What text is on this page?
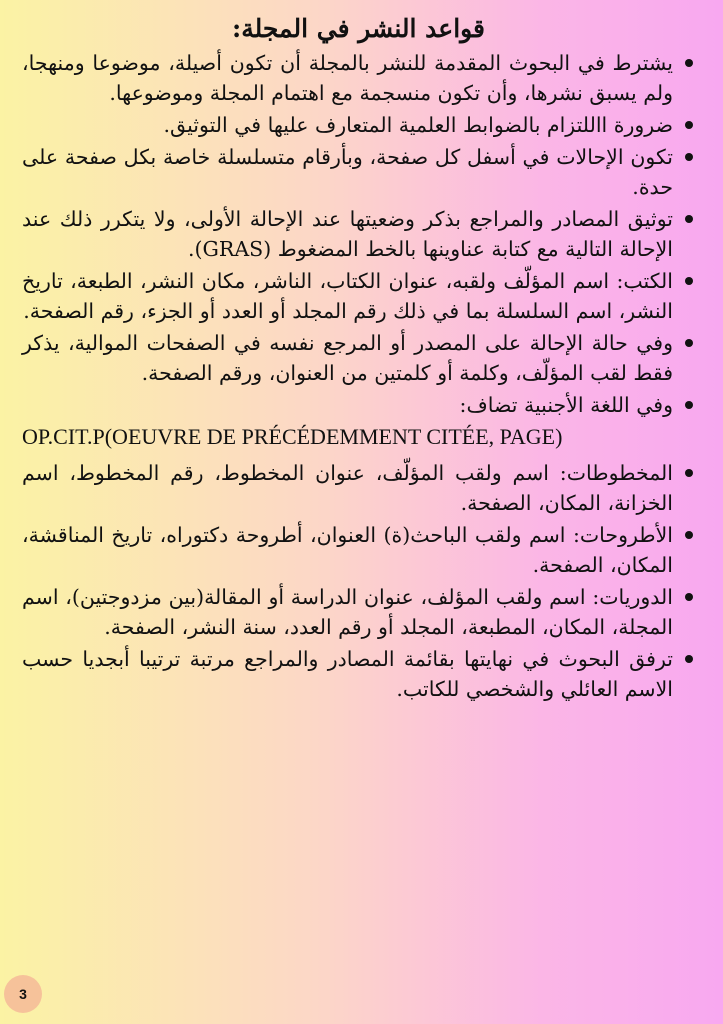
قواعد النشر في المجلة:
يشترط في البحوث المقدمة للنشر بالمجلة أن تكون أصيلة، موضوعا ومنهجا، ولم يسبق نشرها، وأن تكون منسجمة مع اهتمام المجلة وموضوعها.
ضرورة االلتزام بالضوابط العلمية المتعارف عليها في التوثيق.
تكون الإحالات في أسفل كل صفحة، وبأرقام متسلسلة خاصة بكل صفحة على حدة.
توثيق المصادر والمراجع بذكر وضعيتها عند الإحالة الأولى، ولا يتكرر ذلك عند الإحالة التالية مع كتابة عناوينها بالخط المضغوط (GRAS).
الكتب: اسم المؤلّف ولقبه، عنوان الكتاب، الناشر، مكان النشر، الطبعة، تاريخ النشر، اسم السلسلة بما في ذلك رقم المجلد أو العدد أو الجزء، رقم الصفحة.
وفي حالة الإحالة على المصدر أو المرجع نفسه في الصفحات الموالية، يذكر فقط لقب المؤلّف، وكلمة أو كلمتين من العنوان، ورقم الصفحة.
وفي اللغة الأجنبية تضاف:

OP.CIT.P(OEUVRE DE PRÉCÉDEMMENT CITÉE, PAGE)

المخطوطات: اسم ولقب المؤلّف، عنوان المخطوط، رقم المخطوط، اسم الخزانة، المكان، الصفحة.
الأطروحات: اسم ولقب الباحث(ة) العنوان، أطروحة دكتوراه، تاريخ المناقشة، المكان، الصفحة.
الدوريات: اسم ولقب المؤلف، عنوان الدراسة أو المقالة(بين مزدوجتين)، اسم المجلة، المكان، المطبعة، المجلد أو رقم العدد، سنة النشر، الصفحة.
ترفق البحوث في نهايتها بقائمة المصادر والمراجع مرتبة ترتيبا أبجديا حسب الاسم العائلي والشخصي للكاتب.
3
